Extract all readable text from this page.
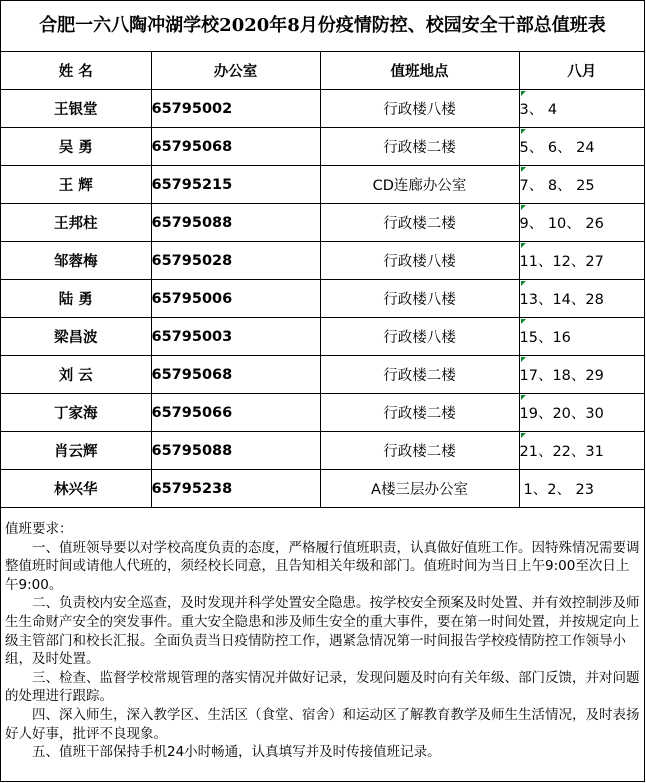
合肥一六八陶冲湖学校2020年8月份疫情防控、校园安全干部总值班表
姓 名	办公室	值班地点	八月
王银堂	65795002	行政楼八楼	3、 4
吴 勇	65795068	行政楼二楼	5、 6、 24
王 辉	65795215	CD连廊办公室	7、 8、 25
王邦柱	65795088	行政楼二楼	9、 10、 26
邹蓉梅	65795028	行政楼八楼	11、12、27
陆 勇	65795006	行政楼八楼	13、14、28
梁昌波	65795003	行政楼八楼	15、16
刘 云	65795068	行政楼二楼	17、18、29
丁家海	65795066	行政楼二楼	19、20、30
肖云辉	65795088	行政楼二楼	21、22、31
林兴华	65795238	A楼三层办公室	1、2、 23

值班要求：

一、值班领导要以对学校高度负责的态度，严格履行值班职责，认真做好值班工作。因特殊情况需要调整值班时间或请他人代班的，须经校长同意，且告知相关年级和部门。值班时间为当日上午9:00至次日上午9:00。

二、负责校内安全巡查，及时发现并科学处置安全隐患。按学校安全预案及时处置、并有效控制涉及师生生命财产安全的突发事件。重大安全隐患和涉及师生安全的重大事件，要在第一时间处置，并按规定向上级主管部门和校长汇报。全面负责当日疫情防控工作，遇紧急情况第一时间报告学校疫情防控工作领导小组，及时处置。

三、检查、监督学校常规管理的落实情况并做好记录，发现问题及时向有关年级、部门反馈，并对问题的处理进行跟踪。

四、深入师生，深入教学区、生活区（食堂、宿舍）和运动区了解教育教学及师生生活情况，及时表扬好人好事，批评不良现象。

五、值班干部保持手机24小时畅通，认真填写并及时传接值班记录。
